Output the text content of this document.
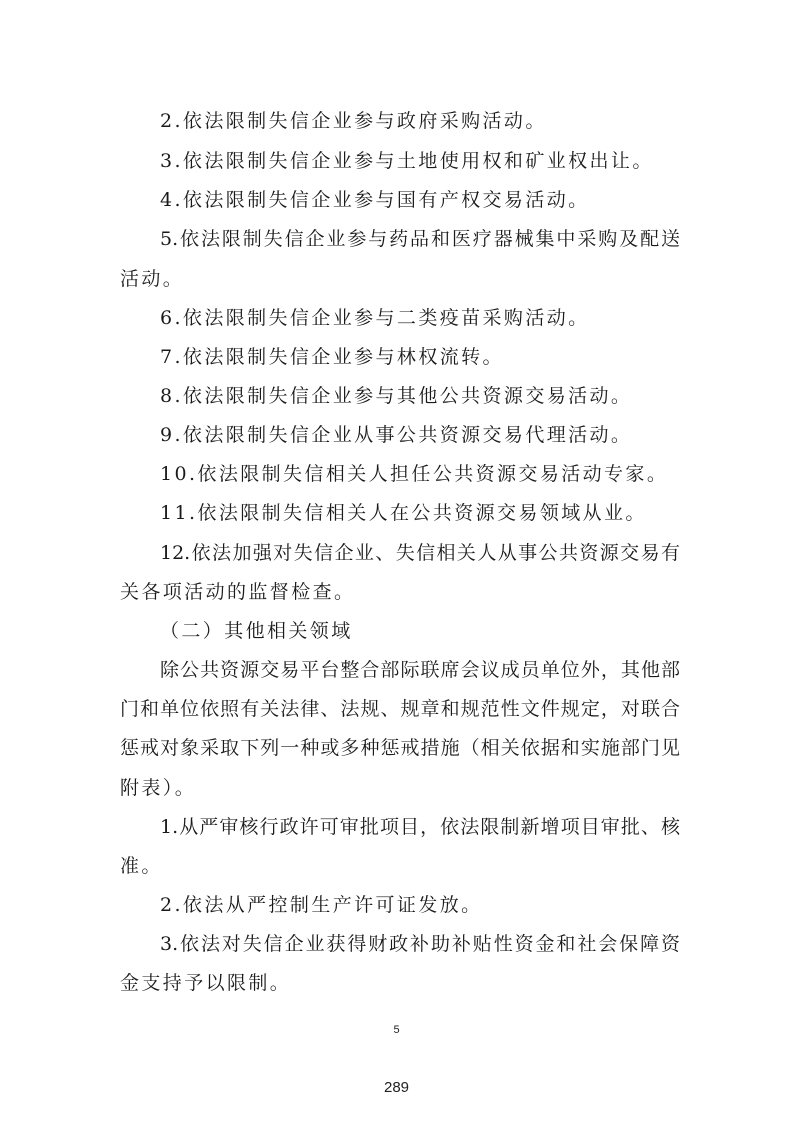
2.依法限制失信企业参与政府采购活动。
3.依法限制失信企业参与土地使用权和矿业权出让。
4.依法限制失信企业参与国有产权交易活动。
5.依法限制失信企业参与药品和医疗器械集中采购及配送
活动。
6.依法限制失信企业参与二类疫苗采购活动。
7.依法限制失信企业参与林权流转。
8.依法限制失信企业参与其他公共资源交易活动。
9.依法限制失信企业从事公共资源交易代理活动。
10.依法限制失信相关人担任公共资源交易活动专家。
11.依法限制失信相关人在公共资源交易领域从业。
12.依法加强对失信企业、失信相关人从事公共资源交易有
关各项活动的监督检查。
（二）其他相关领域
除公共资源交易平台整合部际联席会议成员单位外，其他部
门和单位依照有关法律、法规、规章和规范性文件规定，对联合
惩戒对象采取下列一种或多种惩戒措施（相关依据和实施部门见
附表）。
1.从严审核行政许可审批项目，依法限制新增项目审批、核
准。
2.依法从严控制生产许可证发放。
3.依法对失信企业获得财政补助补贴性资金和社会保障资
金支持予以限制。
5
289
